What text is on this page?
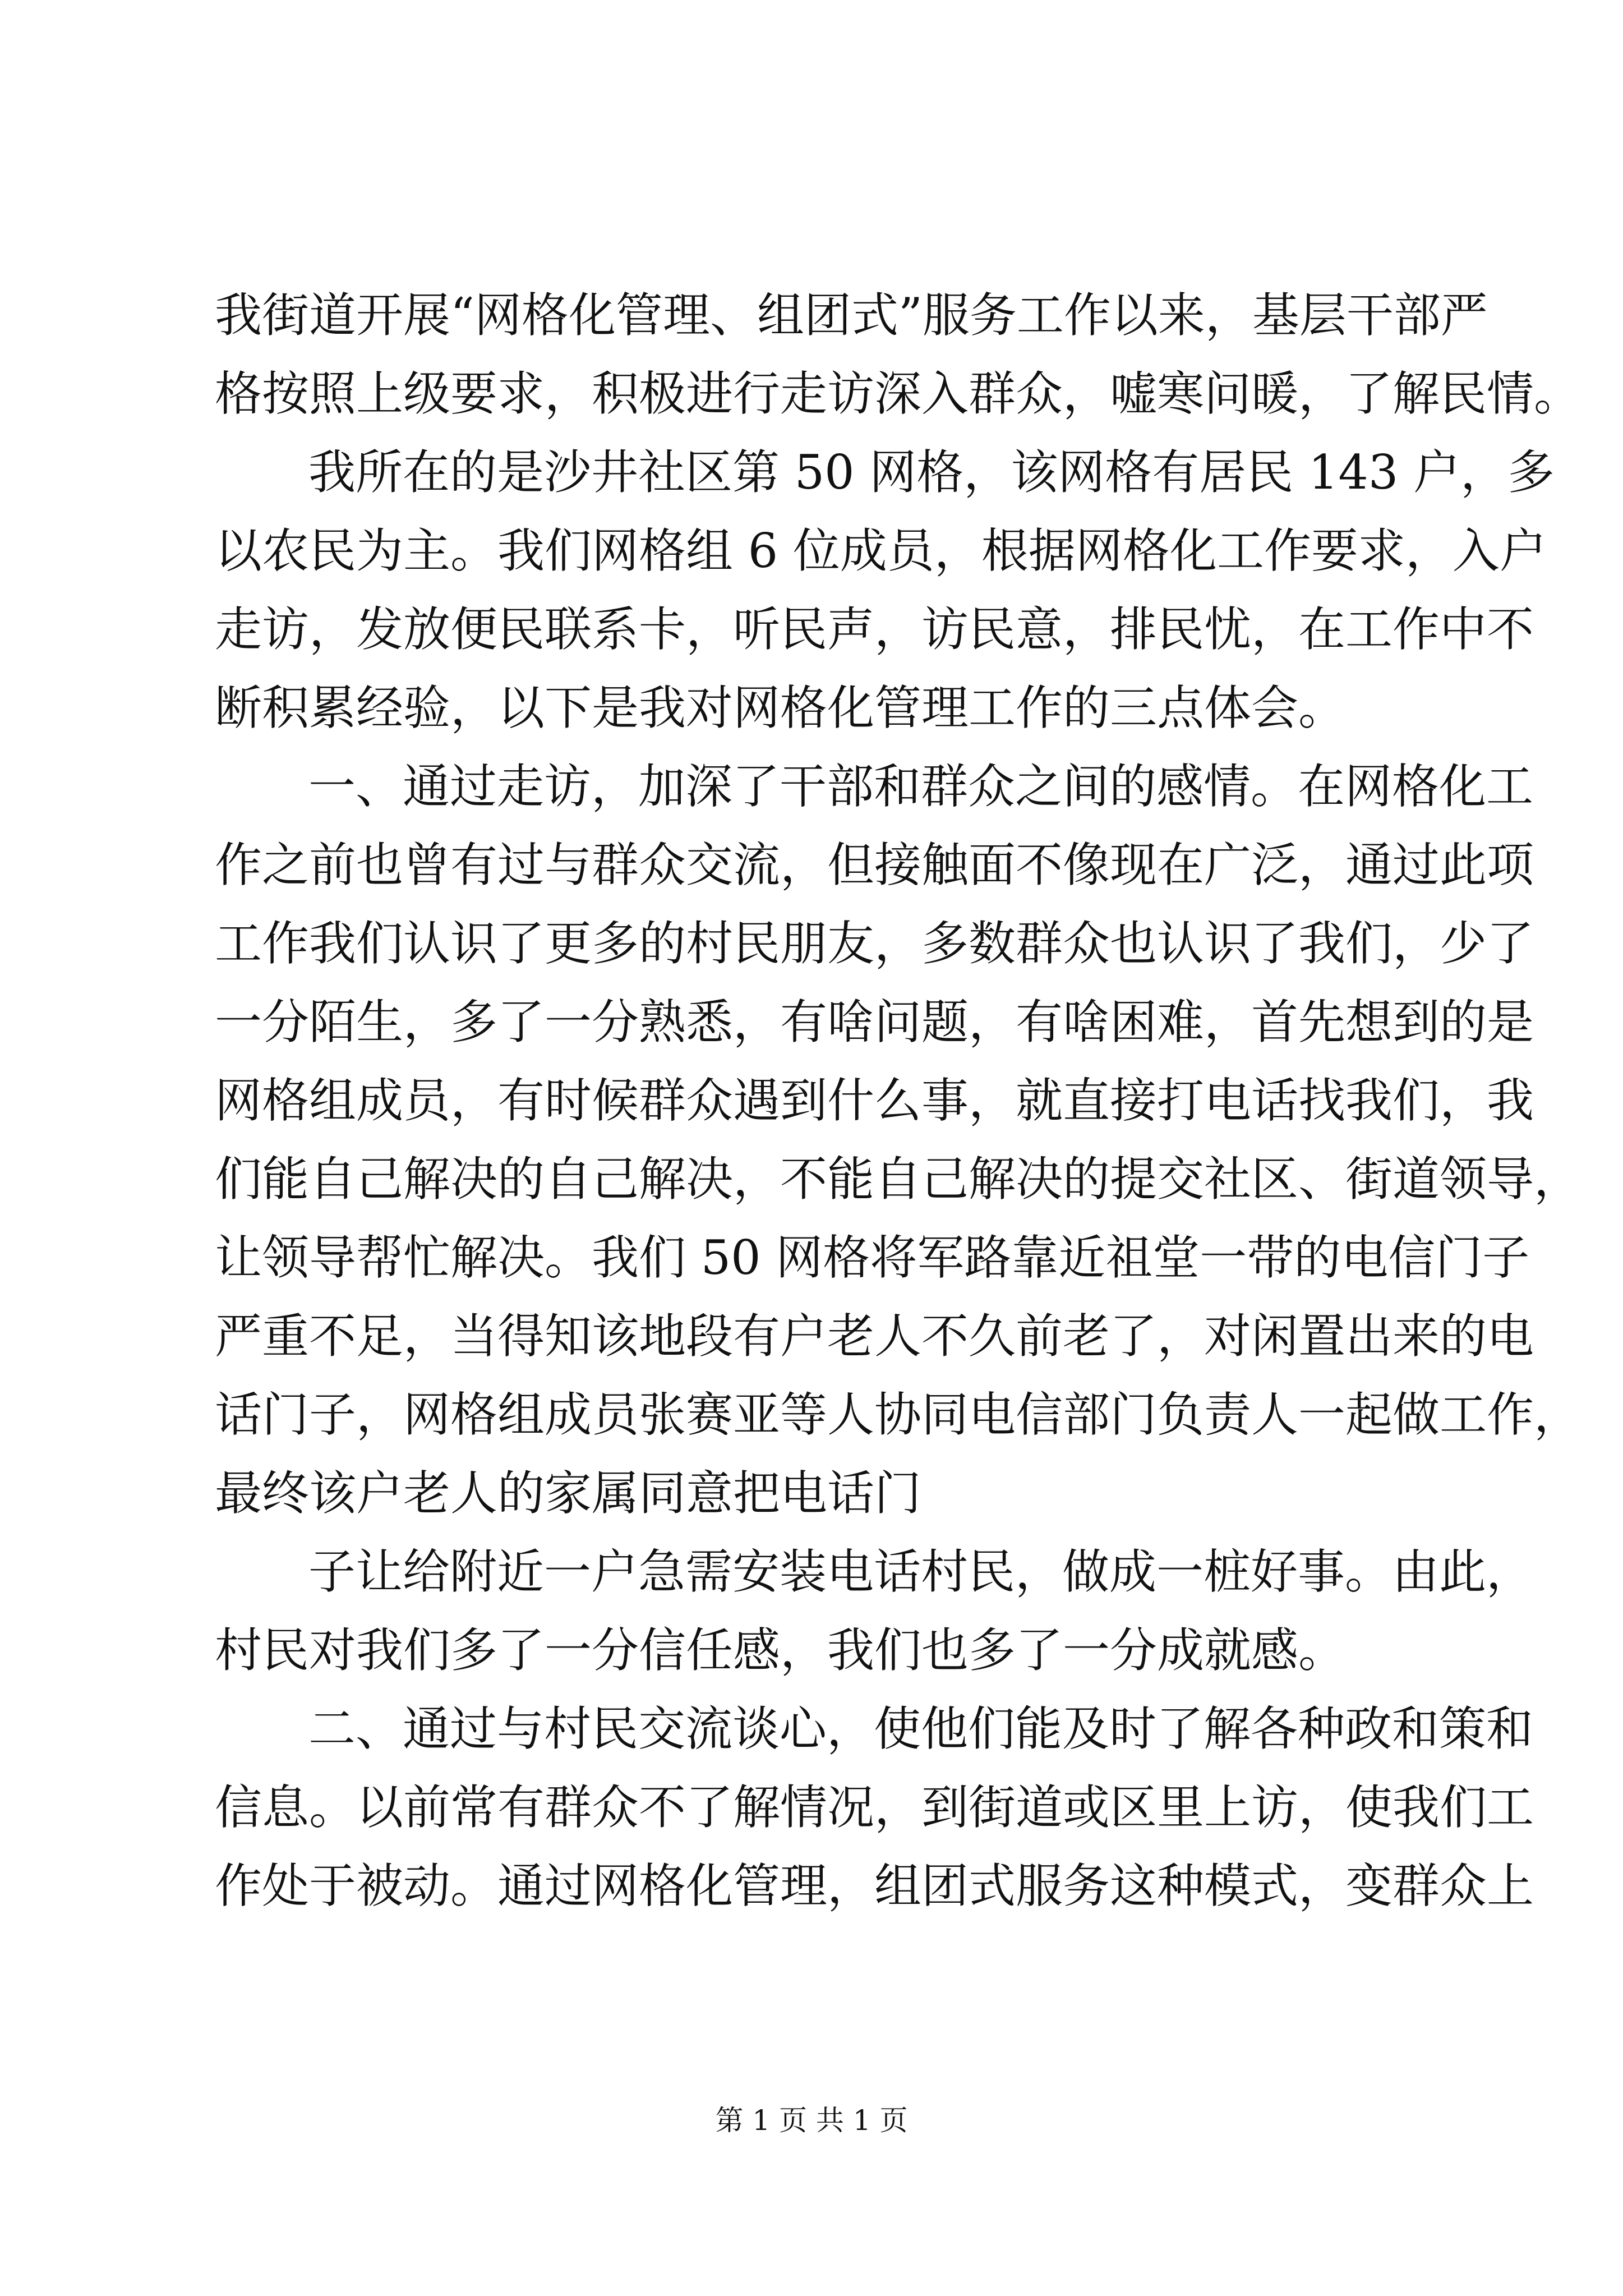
我街道开展“网格化管理、组团式”服务工作以来，基层干部严
格按照上级要求，积极进行走访深入群众，嘘寒问暖，了解民情。
我所在的是沙井社区第 50 网格，该网格有居民 143 户，多
以农民为主。我们网格组 6 位成员，根据网格化工作要求，入户
走访，发放便民联系卡，听民声，访民意，排民忧，在工作中不
断积累经验，以下是我对网格化管理工作的三点体会。
一、通过走访，加深了干部和群众之间的感情。在网格化工
作之前也曾有过与群众交流，但接触面不像现在广泛，通过此项
工作我们认识了更多的村民朋友，多数群众也认识了我们，少了
一分陌生，多了一分熟悉，有啥问题，有啥困难，首先想到的是
网格组成员，有时候群众遇到什么事，就直接打电话找我们，我
们能自己解决的自己解决，不能自己解决的提交社区、街道领导，
让领导帮忙解决。我们 50 网格将军路靠近祖堂一带的电信门子
严重不足，当得知该地段有户老人不久前老了，对闲置出来的电
话门子，网格组成员张赛亚等人协同电信部门负责人一起做工作，
最终该户老人的家属同意把电话门
子让给附近一户急需安装电话村民，做成一桩好事。由此，
村民对我们多了一分信任感，我们也多了一分成就感。
二、通过与村民交流谈心，使他们能及时了解各种政和策和
信息。以前常有群众不了解情况，到街道或区里上访，使我们工
作处于被动。通过网格化管理，组团式服务这种模式，变群众上
第 1 页 共 1 页
